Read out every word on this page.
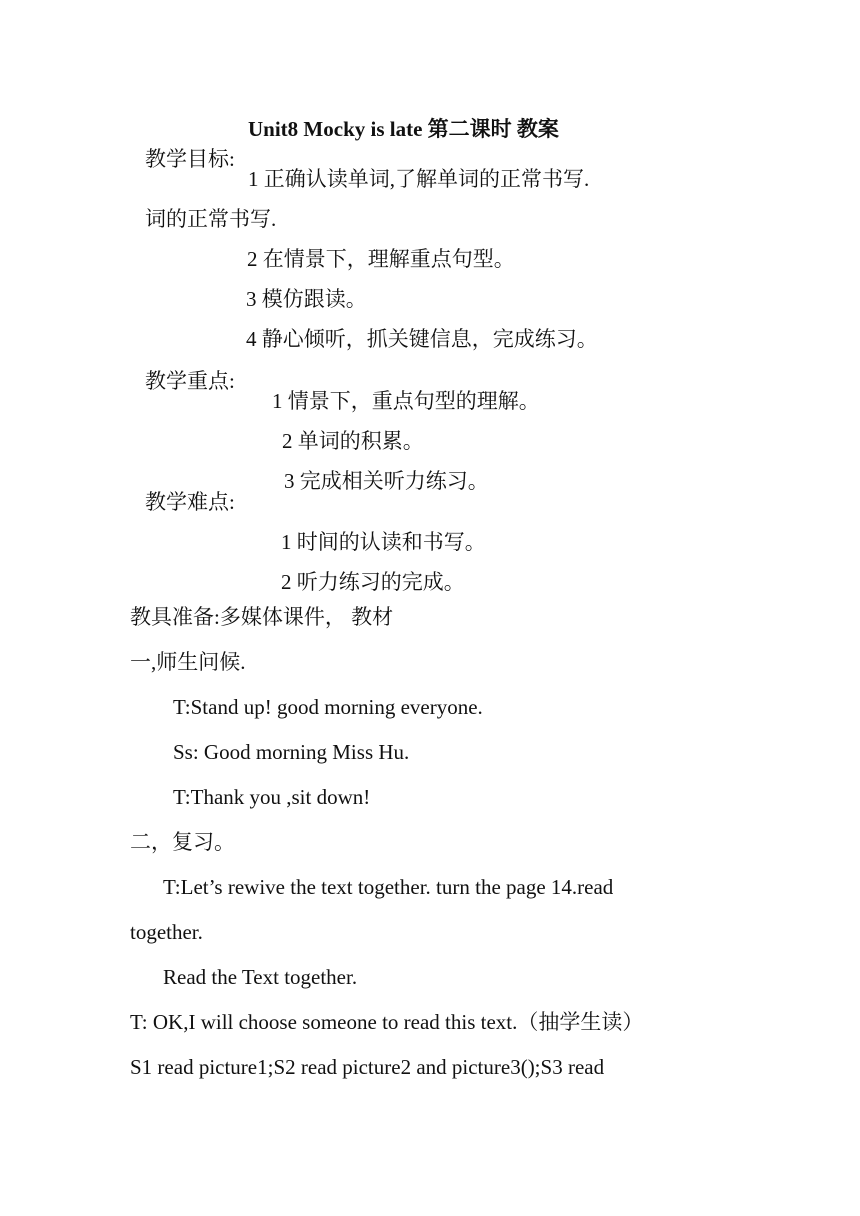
Unit8 Mocky is late 第二课时 教案
教学目标:
1 正确认读单词,了解单词的正常书写.
词的正常书写.
2 在情景下，理解重点句型。
3 模仿跟读。
4 静心倾听，抓关键信息，完成练习。
教学重点:
1 情景下，重点句型的理解。
2 单词的积累。
3 完成相关听力练习。
教学难点:
1 时间的认读和书写。
2 听力练习的完成。
教具准备:多媒体课件， 教材
一,师生问候.
T:Stand up! good morning everyone.
Ss: Good morning Miss Hu.
T:Thank you ,sit down!
二，复习。
T:Let’s rewive the text together. turn the page 14.read
together.
Read the Text together.
T: OK,I will choose someone to read this text.（抽学生读）
S1 read picture1;S2 read picture2 and picture3();S3 read
